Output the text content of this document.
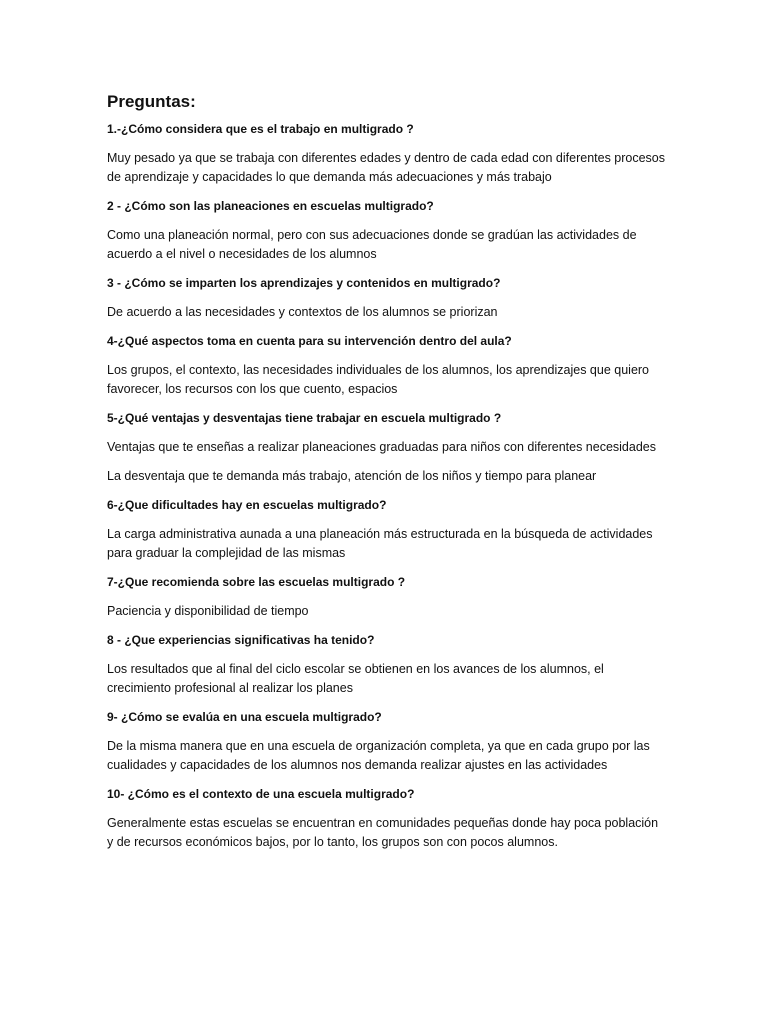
Preguntas:

1.-¿Cómo considera que es el trabajo en multigrado ?

Muy pesado ya que se trabaja con diferentes edades y dentro de cada edad con diferentes procesos de aprendizaje y capacidades lo que demanda más adecuaciones y más trabajo

2 - ¿Cómo son las planeaciones en escuelas multigrado?

Como una planeación normal, pero con sus adecuaciones donde se gradúan las actividades de acuerdo a el nivel o necesidades de los alumnos

3 - ¿Cómo se imparten los aprendizajes y contenidos en multigrado?

De acuerdo a las necesidades y contextos de los alumnos se priorizan

4-¿Qué aspectos toma en cuenta para su intervención dentro del aula?

Los grupos, el contexto, las necesidades individuales de los alumnos, los aprendizajes que quiero favorecer, los recursos con los que cuento, espacios

5-¿Qué ventajas y desventajas tiene trabajar en escuela multigrado ?

Ventajas que te enseñas a realizar planeaciones graduadas para niños con diferentes necesidades

La desventaja que te demanda más trabajo, atención de los niños y tiempo para planear

6-¿Que dificultades hay en escuelas multigrado?

La carga administrativa aunada a una planeación más estructurada en la búsqueda de actividades para graduar la complejidad de las mismas

7-¿Que recomienda sobre las escuelas multigrado ?

Paciencia y disponibilidad de tiempo

8 - ¿Que experiencias significativas ha tenido?

Los resultados que al final del ciclo escolar se obtienen en los avances de los alumnos, el crecimiento profesional al realizar los planes

9- ¿Cómo se evalúa en una escuela multigrado?

De la misma manera que en una escuela de organización completa, ya que en cada grupo por las cualidades y capacidades de los alumnos nos demanda realizar ajustes en las actividades

10- ¿Cómo es el contexto de una escuela multigrado?

Generalmente estas escuelas se encuentran en comunidades pequeñas donde hay poca población y de recursos económicos bajos, por lo tanto, los grupos son con pocos alumnos.
